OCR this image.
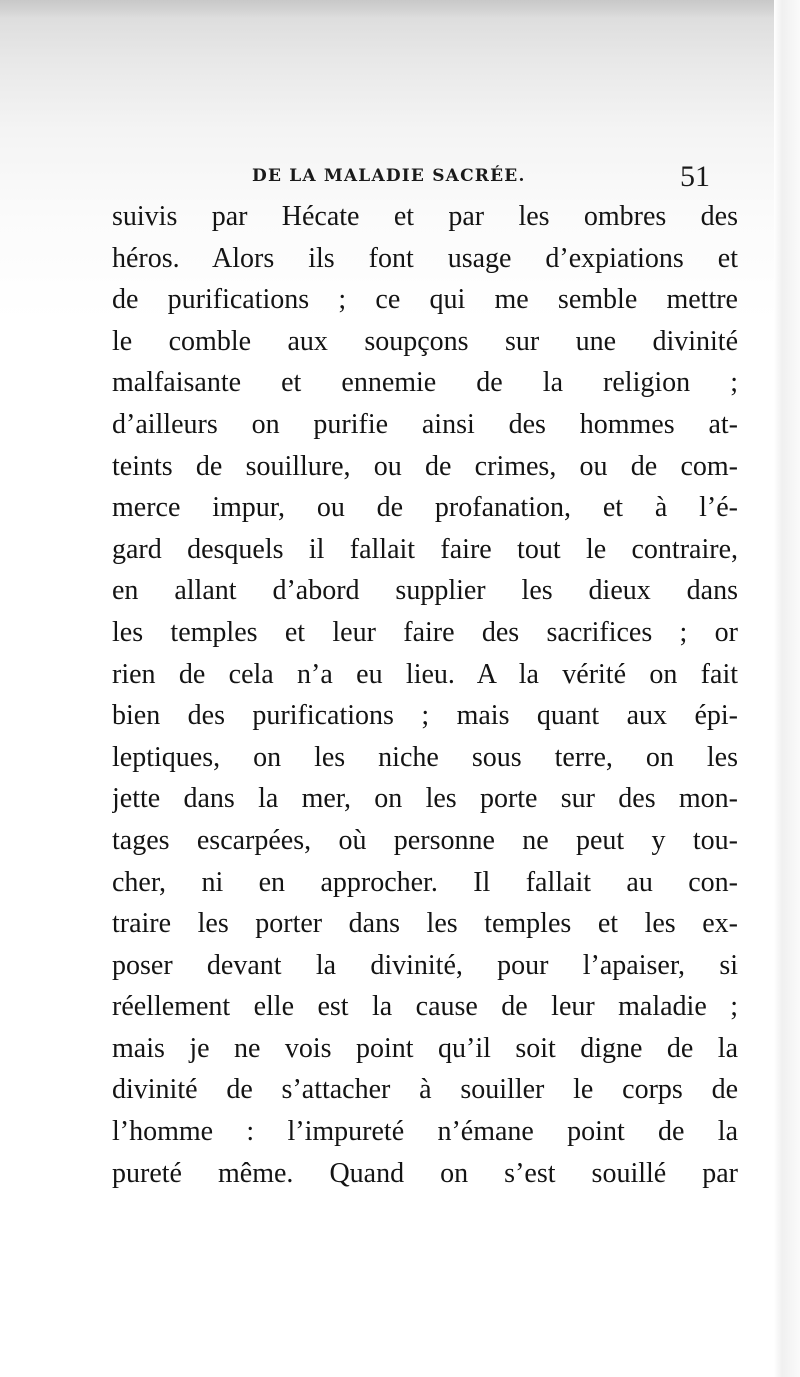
DE LA MALADIE SACRÉE.	51
suivis par Hécate et par les ombres des
héros. Alors ils font usage d’expiations et
de purifications ; ce qui me semble mettre
le comble aux soupçons sur une divinité
malfaisante et ennemie de la religion ;
d’ailleurs on purifie ainsi des hommes at-
teints de souillure, ou de crimes, ou de com-
merce impur, ou de profanation, et à l’é-
gard desquels il fallait faire tout le contraire,
en allant d’abord supplier les dieux dans
les temples et leur faire des sacrifices ; or
rien de cela n’a eu lieu. A la vérité on fait
bien des purifications ; mais quant aux épi-
leptiques, on les niche sous terre, on les
jette dans la mer, on les porte sur des mon-
tages escarpées, où personne ne peut y tou-
cher, ni en approcher. Il fallait au con-
traire les porter dans les temples et les ex-
poser devant la divinité, pour l’apaiser, si
réellement elle est la cause de leur maladie ;
mais je ne vois point qu’il soit digne de la
divinité de s’attacher à souiller le corps de
l’homme : l’impureté n’émane point de la
pureté même. Quand on s’est souillé par
